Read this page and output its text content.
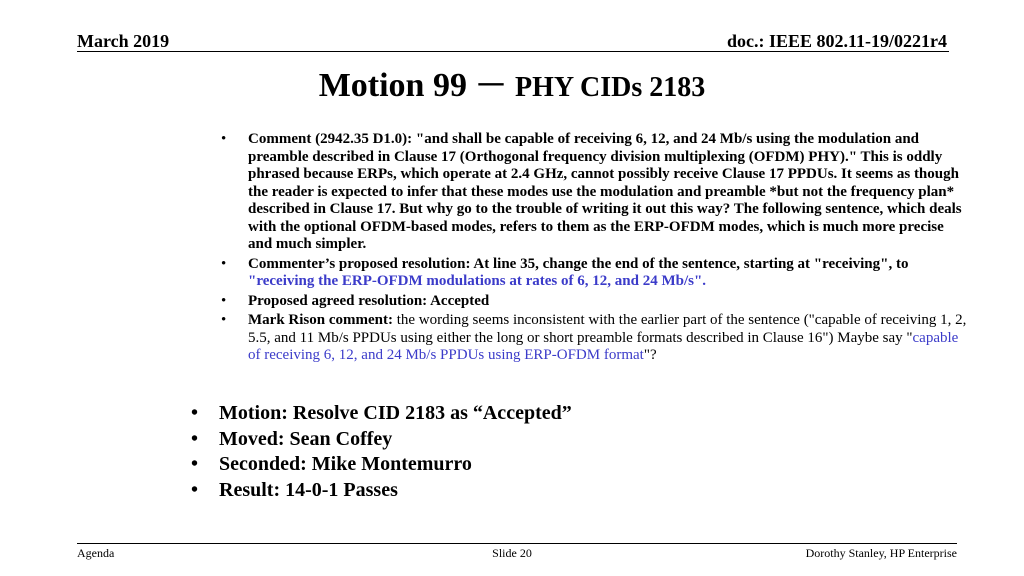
March 2019	doc.: IEEE 802.11-19/0221r4
Motion 99 － PHY CIDs 2183
• Comment (2942.35 D1.0): "and shall be capable of receiving 6, 12, and 24 Mb/s using the modulation and preamble described in Clause 17 (Orthogonal frequency division multiplexing (OFDM) PHY)." This is oddly phrased because ERPs, which operate at 2.4 GHz, cannot possibly receive Clause 17 PPDUs. It seems as though the reader is expected to infer that these modes use the modulation and preamble *but not the frequency plan* described in Clause 17. But why go to the trouble of writing it out this way? The following sentence, which deals with the optional OFDM-based modes, refers to them as the ERP-OFDM modes, which is much more precise and much simpler.
• Commenter’s proposed resolution: At line 35, change the end of the sentence, starting at "receiving", to "receiving the ERP-OFDM modulations at rates of 6, 12, and 24 Mb/s".
• Proposed agreed resolution: Accepted
• Mark Rison comment: the wording seems inconsistent with the earlier part of the sentence ("capable of receiving 1, 2, 5.5, and 11 Mb/s PPDUs using either the long or short preamble formats described in Clause 16") Maybe say "capable of receiving 6, 12, and 24 Mb/s PPDUs using ERP-OFDM format"?
• Motion: Resolve CID 2183 as “Accepted”
• Moved: Sean Coffey
• Seconded: Mike Montemurro
• Result: 14-0-1 Passes
Agenda	Slide 20	Dorothy Stanley, HP Enterprise
